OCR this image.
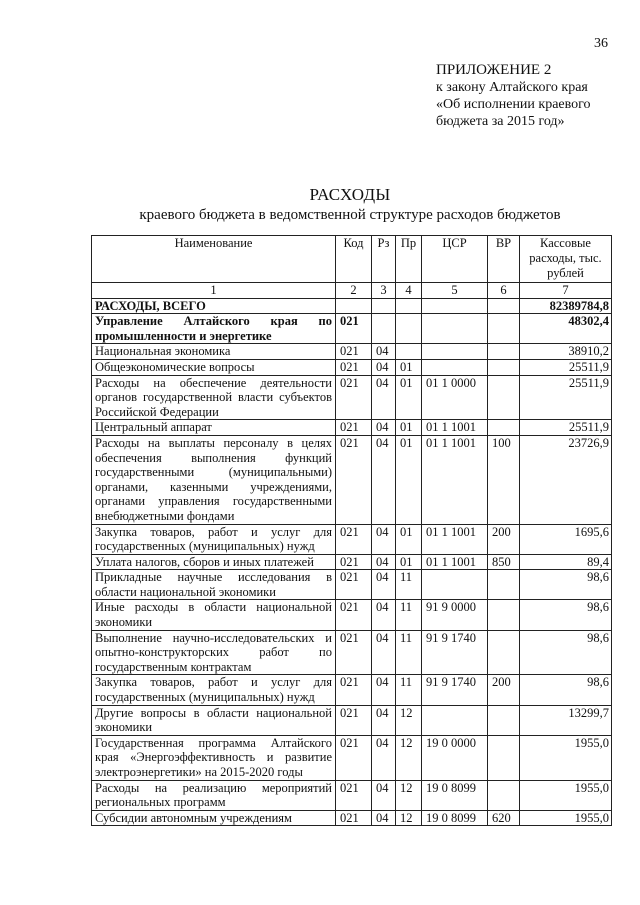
36
ПРИЛОЖЕНИЕ 2
к закону Алтайского края
«Об исполнении краевого
бюджета за 2015 год»
РАСХОДЫ
краевого бюджета в ведомственной структуре расходов бюджетов
Наименование	Код	Рз	Пр	ЦСР	ВР	Кассовые расходы, тыс. рублей
1	2	3	4	5	6	7
РАСХОДЫ, ВСЕГО						82389784,8
Управление Алтайского края по промышленности и энергетике	021					48302,4
Национальная экономика	021	04				38910,2
Общеэкономические вопросы	021	04	01			25511,9
Расходы на обеспечение деятельности органов государственной власти субъектов Российской Федерации	021	04	01	01 1 0000		25511,9
Центральный аппарат	021	04	01	01 1 1001		25511,9
Расходы на выплаты персоналу в целях обеспечения выполнения функций государственными (муниципальными) органами, казенными учреждениями, органами управления государственными внебюджетными фондами	021	04	01	01 1 1001	100	23726,9
Закупка товаров, работ и услуг для государственных (муниципальных) нужд	021	04	01	01 1 1001	200	1695,6
Уплата налогов, сборов и иных платежей	021	04	01	01 1 1001	850	89,4
Прикладные научные исследования в области национальной экономики	021	04	11			98,6
Иные расходы в области национальной экономики	021	04	11	91 9 0000		98,6
Выполнение научно-исследовательских и опытно-конструкторских работ по государственным контрактам	021	04	11	91 9 1740		98,6
Закупка товаров, работ и услуг для государственных (муниципальных) нужд	021	04	11	91 9 1740	200	98,6
Другие вопросы в области национальной экономики	021	04	12			13299,7
Государственная программа Алтайского края «Энергоэффективность и развитие электроэнергетики» на 2015-2020 годы	021	04	12	19 0 0000		1955,0
Расходы на реализацию мероприятий региональных программ	021	04	12	19 0 8099		1955,0
Субсидии автономным учреждениям	021	04	12	19 0 8099	620	1955,0
